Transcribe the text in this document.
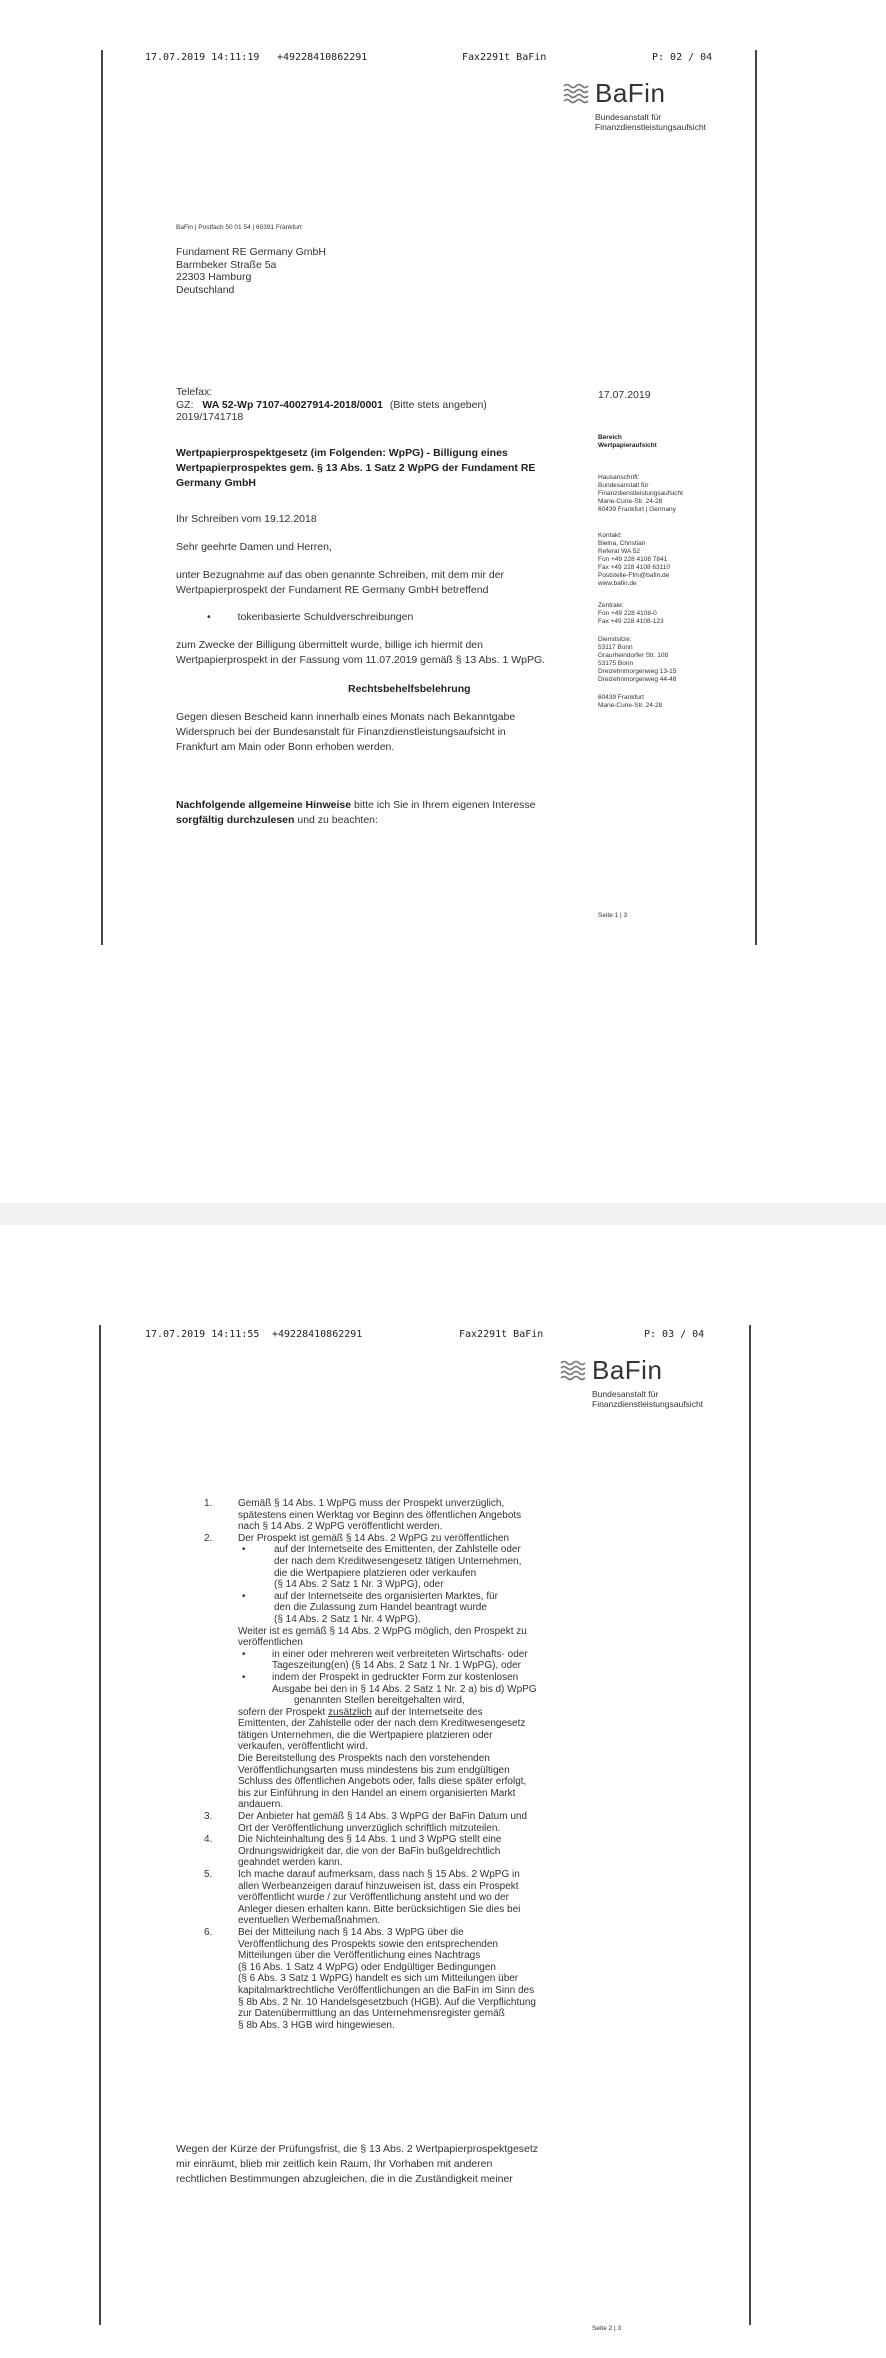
17.07.2019 14:11:19 +49228410862291	Fax2291t BaFin	P: 02 / 04
BaFin
Bundesanstalt für
Finanzdienstleistungsaufsicht
BaFin | Postfach 50 01 54 | 60391 Frankfurt
Fundament RE Germany GmbH
Barmbeker Straße 5a
22303 Hamburg
Deutschland
Telefax:
GZ: WA 52-Wp 7107-40027914-2018/0001 (Bitte stets angeben)
2019/1741718
17.07.2019
Wertpapierprospektgesetz (im Folgenden: WpPG) - Billigung eines
Wertpapierprospektes gem. § 13 Abs. 1 Satz 2 WpPG der Fundament RE
Germany GmbH
Ihr Schreiben vom 19.12.2018
Sehr geehrte Damen und Herren,
unter Bezugnahme auf das oben genannte Schreiben, mit dem mir der
Wertpapierprospekt der Fundament RE Germany GmbH betreffend
•	tokenbasierte Schuldverschreibungen
zum Zwecke der Billigung übermittelt wurde, billige ich hiermit den
Wertpapierprospekt in der Fassung vom 11.07.2019 gemäß § 13 Abs. 1 WpPG.
Rechtsbehelfsbelehrung
Gegen diesen Bescheid kann innerhalb eines Monats nach Bekanntgabe
Widerspruch bei der Bundesanstalt für Finanzdienstleistungsaufsicht in
Frankfurt am Main oder Bonn erhoben werden.
Nachfolgende allgemeine Hinweise bitte ich Sie in Ihrem eigenen Interesse
sorgfältig durchzulesen und zu beachten:
Bereich
Wertpapieraufsicht
Hausanschrift:
Bundesanstalt für
Finanzdienstleistungsaufsicht
Marie-Curie-Str. 24-28
60439 Frankfurt | Germany
Kontakt:
Bielna, Christian
Referat WA 52
Fon +49 228 4108 7841
Fax +49 228 4108 63110
Poststelle-Ffm@bafin.de
www.bafin.de
Zentrale:
Fon +49 228 4108-0
Fax +49 228 4108-123
Dienstsitze:
53117 Bonn
Graurheindorfer Str. 108
53175 Bonn
Dreizehnmorgenweg 13-15
Dreizehnmorgenweg 44-48
60439 Frankfurt
Marie-Curie-Str. 24-28
Seite 1 | 3
17.07.2019 14:11:55 +49228410862291	Fax2291t BaFin	P: 03 / 04
BaFin
Bundesanstalt für
Finanzdienstleistungsaufsicht
1.	Gemäß § 14 Abs. 1 WpPG muss der Prospekt unverzüglich,
spätestens einen Werktag vor Beginn des öffentlichen Angebots
nach § 14 Abs. 2 WpPG veröffentlicht werden.
2.	Der Prospekt ist gemäß § 14 Abs. 2 WpPG zu veröffentlichen
•	auf der Internetseite des Emittenten, der Zahlstelle oder
der nach dem Kreditwesengesetz tätigen Unternehmen,
die die Wertpapiere platzieren oder verkaufen
(§ 14 Abs. 2 Satz 1 Nr. 3 WpPG), oder
•	auf der Internetseite des organisierten Marktes, für
den die Zulassung zum Handel beantragt wurde
(§ 14 Abs. 2 Satz 1 Nr. 4 WpPG).
Weiter ist es gemäß § 14 Abs. 2 WpPG möglich, den Prospekt zu
veröffentlichen
•	in einer oder mehreren weit verbreiteten Wirtschafts- oder
Tageszeitung(en) (§ 14 Abs. 2 Satz 1 Nr. 1 WpPG), oder
•	indem der Prospekt in gedruckter Form zur kostenlosen
Ausgabe bei den in § 14 Abs. 2 Satz 1 Nr. 2 a) bis d) WpPG
genannten Stellen bereitgehalten wird,
sofern der Prospekt zusätzlich auf der Internetseite des
Emittenten, der Zahlstelle oder der nach dem Kreditwesengesetz
tätigen Unternehmen, die die Wertpapiere platzieren oder
verkaufen, veröffentlicht wird.
Die Bereitstellung des Prospekts nach den vorstehenden
Veröffentlichungsarten muss mindestens bis zum endgültigen
Schluss des öffentlichen Angebots oder, falls diese später erfolgt,
bis zur Einführung in den Handel an einem organisierten Markt
andauern.
3.	Der Anbieter hat gemäß § 14 Abs. 3 WpPG der BaFin Datum und
Ort der Veröffentlichung unverzüglich schriftlich mitzuteilen.
4.	Die Nichteinhaltung des § 14 Abs. 1 und 3 WpPG stellt eine
Ordnungswidrigkeit dar, die von der BaFin bußgeldrechtlich
geahndet werden kann.
5.	Ich mache darauf aufmerksam, dass nach § 15 Abs. 2 WpPG in
allen Werbeanzeigen darauf hinzuweisen ist, dass ein Prospekt
veröffentlicht wurde / zur Veröffentlichung ansteht und wo der
Anleger diesen erhalten kann. Bitte berücksichtigen Sie dies bei
eventuellen Werbemaßnahmen.
6.	Bei der Mitteilung nach § 14 Abs. 3 WpPG über die
Veröffentlichung des Prospekts sowie den entsprechenden
Mitteilungen über die Veröffentlichung eines Nachtrags
(§ 16 Abs. 1 Satz 4 WpPG) oder Endgültiger Bedingungen
(§ 6 Abs. 3 Satz 1 WpPG) handelt es sich um Mitteilungen über
kapitalmarktrechtliche Veröffentlichungen an die BaFin im Sinn des
§ 8b Abs. 2 Nr. 10 Handelsgesetzbuch (HGB). Auf die Verpflichtung
zur Datenübermittlung an das Unternehmensregister gemäß
§ 8b Abs. 3 HGB wird hingewiesen.
Wegen der Kürze der Prüfungsfrist, die § 13 Abs. 2 Wertpapierprospektgesetz
mir einräumt, blieb mir zeitlich kein Raum, Ihr Vorhaben mit anderen
rechtlichen Bestimmungen abzugleichen, die in die Zuständigkeit meiner
Seite 2 | 3
